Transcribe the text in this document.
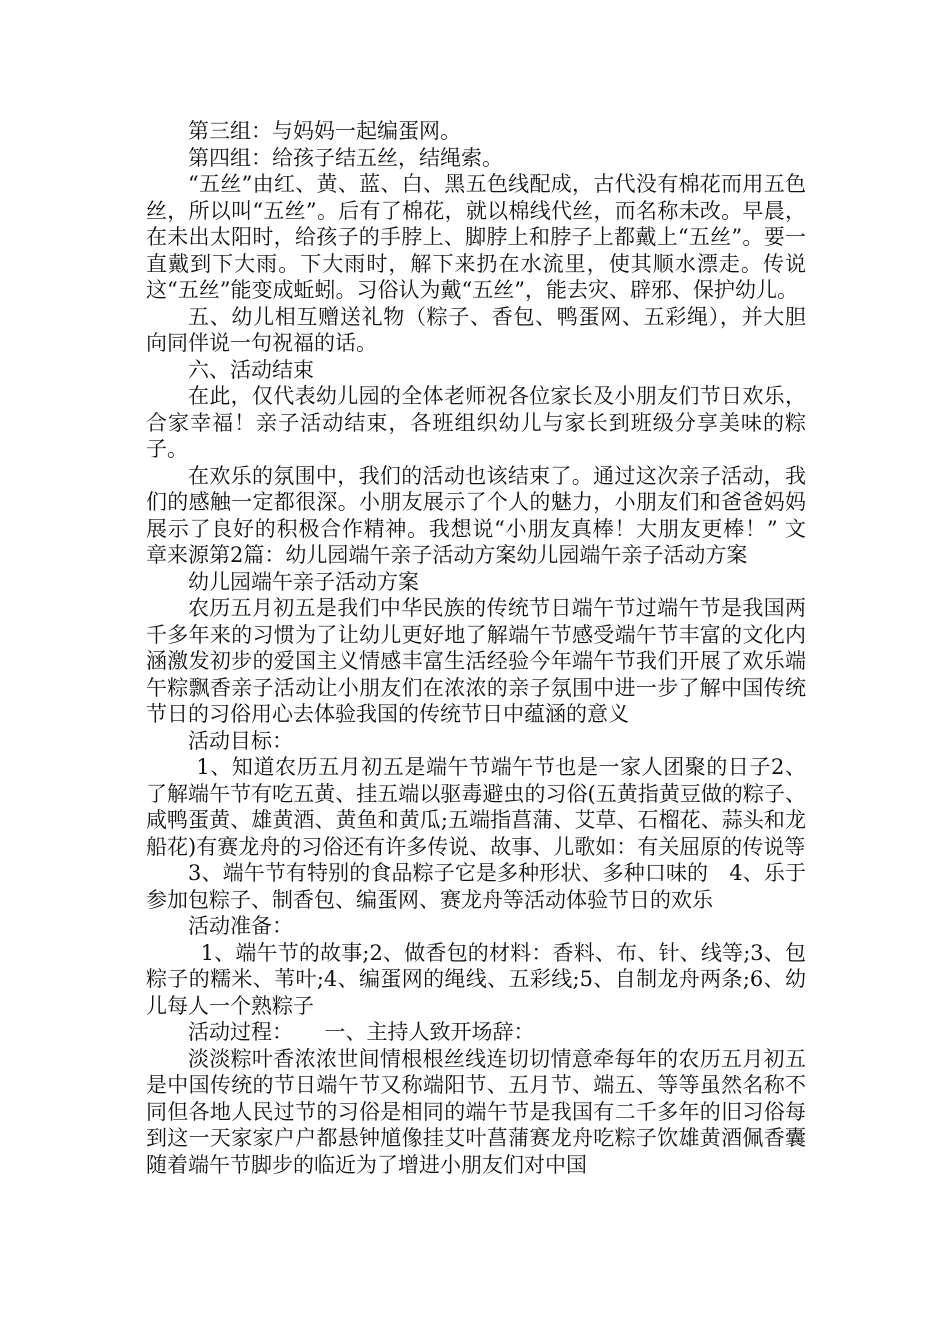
第三组：与妈妈一起编蛋网。

第四组：给孩子结五丝，结绳索。

“五丝”由红、黄、蓝、白、黑五色线配成，古代没有棉花而用五色丝，所以叫“五丝”。后有了棉花，就以棉线代丝，而名称未改。早晨，在未出太阳时，给孩子的手脖上、脚脖上和脖子上都戴上“五丝”。要一直戴到下大雨。下大雨时，解下来扔在水流里，使其顺水漂走。传说这“五丝”能变成蚯蚓。习俗认为戴“五丝”，能去灾、辟邪、保护幼儿。

五、幼儿相互赠送礼物（粽子、香包、鸭蛋网、五彩绳），并大胆向同伴说一句祝福的话。

六、活动结束

在此，仅代表幼儿园的全体老师祝各位家长及小朋友们节日欢乐，合家幸福！亲子活动结束，各班组织幼儿与家长到班级分享美味的粽子。

在欢乐的氛围中，我们的活动也该结束了。通过这次亲子活动，我们的感触一定都很深。小朋友展示了个人的魅力，小朋友们和爸爸妈妈展示了良好的积极合作精神。我想说“小朋友真棒！大朋友更棒！” 文 章来源第2篇：幼儿园端午亲子活动方案幼儿园端午亲子活动方案

幼儿园端午亲子活动方案

农历五月初五是我们中华民族的传统节日端午节过端午节是我国两千多年来的习惯为了让幼儿更好地了解端午节感受端午节丰富的文化内涵激发初步的爱国主义情感丰富生活经验今年端午节我们开展了欢乐端午粽飘香亲子活动让小朋友们在浓浓的亲子氛围中进一步了解中国传统节日的习俗用心去体验我国的传统节日中蕴涵的意义

活动目标：

1、知道农历五月初五是端午节端午节也是一家人团聚的日子2、了解端午节有吃五黄、挂五端以驱毒避虫的习俗(五黄指黄豆做的粽子、咸鸭蛋黄、雄黄酒、黄鱼和黄瓜;五端指菖蒲、艾草、石榴花、蒜头和龙船花)有赛龙舟的习俗还有许多传说、故事、儿歌如：有关屈原的传说等

3、端午节有特别的食品粽子它是多种形状、多种口味的　4、乐于参加包粽子、制香包、编蛋网、赛龙舟等活动体验节日的欢乐

活动准备：

1、端午节的故事;2、做香包的材料：香料、布、针、线等;3、包粽子的糯米、苇叶;4、编蛋网的绳线、五彩线;5、自制龙舟两条;6、幼儿每人一个熟粽子

活动过程：　　一、主持人致开场辞：

淡淡粽叶香浓浓世间情根根丝线连切切情意牵每年的农历五月初五是中国传统的节日端午节又称端阳节、五月节、端五、等等虽然名称不同但各地人民过节的习俗是相同的端午节是我国有二千多年的旧习俗每到这一天家家户户都悬钟馗像挂艾叶菖蒲赛龙舟吃粽子饮雄黄酒佩香囊随着端午节脚步的临近为了增进小朋友们对中国
